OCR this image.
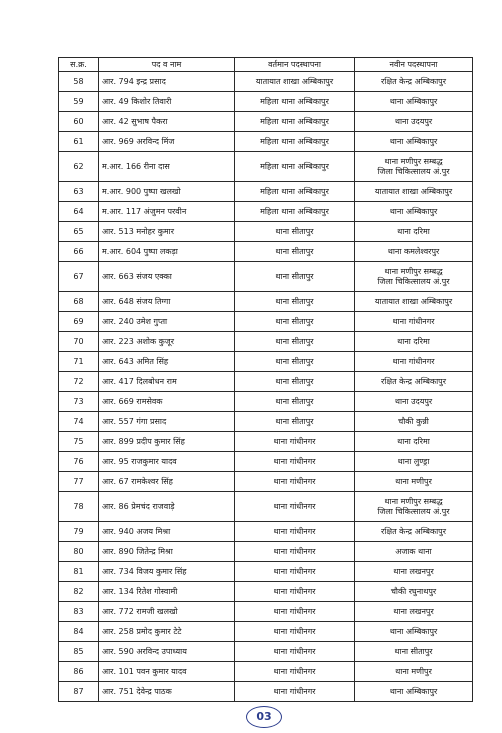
स.क्र.	पद व नाम	वर्तमान पदस्थापना	नवीन पदस्थापना
58	आर. 794 इन्द्र प्रसाद	यातायात शाखा अम्बिकापुर	रक्षित केन्द्र अम्बिकापुर

59	आर. 49 किशोर तिवारी	महिला थाना अम्बिकापुर	थाना अम्बिकापुर

60	आर. 42 सुभाष पैकरा	महिला थाना अम्बिकापुर	थाना उदयपुर

61	आर. 969 अरविन्द मिंज	महिला थाना अम्बिकापुर	थाना अम्बिकापुर

62	म.आर. 166 रीना दास	महिला थाना अम्बिकापुर	थाना मणीपुर सम्बद्ध
जिला चिकित्सालय अं.पुर

63	म.आर. 900 पुष्पा खलखो	महिला थाना अम्बिकापुर	यातायात शाखा अम्बिकापुर

64	म.आर. 117 अंजुमन परवीन	महिला थाना अम्बिकापुर	थाना अम्बिकापुर

65	आर. 513 मनोहर कुमार	थाना सीतापुर	थाना दरिमा

66	म.आर. 604 पुष्पा लकड़ा	थाना सीतापुर	थाना कमलेश्वरपुर

67	आर. 663 संजय एक्का	थाना सीतापुर	थाना मणीपुर सम्बद्ध
जिला चिकित्सालय अं.पुर

68	आर. 648 संजय तिग्गा	थाना सीतापुर	यातायात शाखा अम्बिकापुर

69	आर. 240 उमेश गुप्ता	थाना सीतापुर	थाना गांधीनगर

70	आर. 223 अशोक कुजूर	थाना सीतापुर	थाना दरिमा

71	आर. 643 अमित सिंह	थाना सीतापुर	थाना गांधीनगर

72	आर. 417 दिलबोधन राम	थाना सीतापुर	रक्षित केन्द्र अम्बिकापुर

73	आर. 669 रामसेवक	थाना सीतापुर	थाना उदयपुर

74	आर. 557 गंगा प्रसाद	थाना सीतापुर	चौकी कुन्नी

75	आर. 899 प्रदीप कुमार सिंह	थाना गांधीनगर	थाना दरिमा

76	आर. 95 राजकुमार यादव	थाना गांधीनगर	थाना लुण्ड्रा

77	आर. 67 रामकेश्वर सिंह	थाना गांधीनगर	थाना मणीपुर

78	आर. 86 प्रेमचंद राजवाड़े	थाना गांधीनगर	थाना मणीपुर सम्बद्ध
जिला चिकित्सालय अं.पुर

79	आर. 940 अजय मिश्रा	थाना गांधीनगर	रक्षित केन्द्र अम्बिकापुर

80	आर. 890 जितेन्द्र मिश्रा	थाना गांधीनगर	अजाक थाना

81	आर. 734 विजय कुमार सिंह	थाना गांधीनगर	थाना लखनपुर

82	आर. 134 रितेश गोस्वामी	थाना गांधीनगर	चौकी रघुनाथपुर

83	आर. 772 रामजी खलखो	थाना गांधीनगर	थाना लखनपुर

84	आर. 258 प्रमोद कुमार टेटे	थाना गांधीनगर	थाना अम्बिकापुर

85	आर. 590 अरविन्द उपाध्याय	थाना गांधीनगर	थाना सीतापुर

86	आर. 101 पवन कुमार यादव	थाना गांधीनगर	थाना मणीपुर

87	आर. 751 देवेन्द्र पाठक	थाना गांधीनगर	थाना अम्बिकापुर
03
